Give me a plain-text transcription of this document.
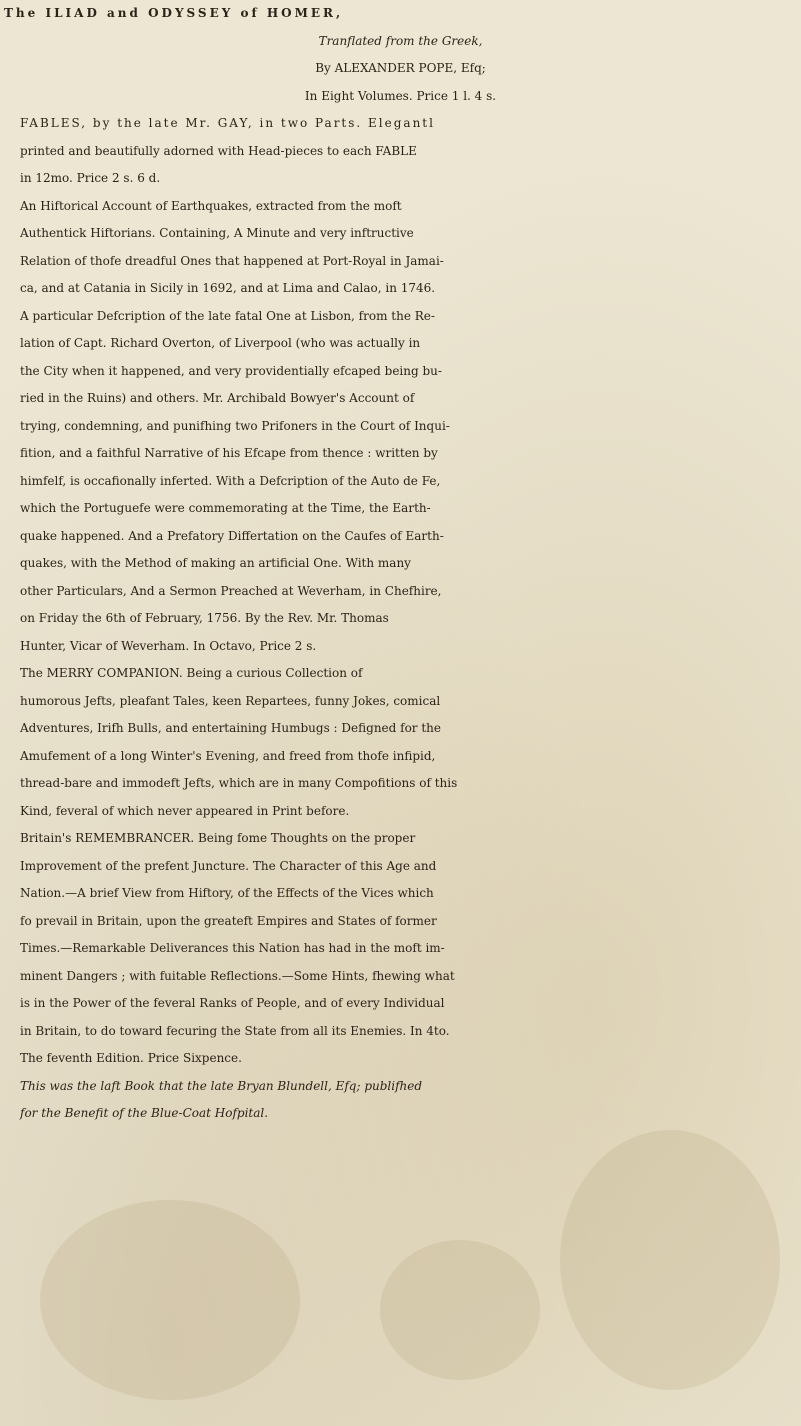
The ILIAD and ODYSSEY of HOMER,
Tranflated from the Greek,
By ALEXANDER POPE, Efq;
In Eight Volumes. Price 1 l. 4 s.
FABLES, by the late Mr. GAY, in two Parts. Elegantl
printed and beautifully adorned with Head-pieces to each FABLE
in 12mo. Price 2 s. 6 d.
An Hiftorical Account of Earthquakes, extracted from the moft
Authentick Hiftorians. Containing, A Minute and very inftructive
Relation of thofe dreadful Ones that happened at Port-Royal in Jamai-
ca, and at Catania in Sicily in 1692, and at Lima and Calao, in 1746.
A particular Defcription of the late fatal One at Lisbon, from the Re-
lation of Capt. Richard Overton, of Liverpool (who was actually in
the City when it happened, and very providentially efcaped being bu-
ried in the Ruins) and others. Mr. Archibald Bowyer's Account of
trying, condemning, and punifhing two Prifoners in the Court of Inqui-
fition, and a faithful Narrative of his Efcape from thence : written by
himfelf, is occafionally inferted. With a Defcription of the Auto de Fe,
which the Portuguefe were commemorating at the Time, the Earth-
quake happened. And a Prefatory Differtation on the Caufes of Earth-
quakes, with the Method of making an artificial One. With many
other Particulars, And a Sermon Preached at Weverham, in Chefhire,
on Friday the 6th of February, 1756. By the Rev. Mr. Thomas
Hunter, Vicar of Weverham. In Octavo, Price 2 s.
The MERRY COMPANION. Being a curious Collection of
humorous Jefts, pleafant Tales, keen Repartees, funny Jokes, comical
Adventures, Irifh Bulls, and entertaining Humbugs : Defigned for the
Amufement of a long Winter's Evening, and freed from thofe infipid,
thread-bare and immodeft Jefts, which are in many Compofitions of this
Kind, feveral of which never appeared in Print before.
Britain's REMEMBRANCER. Being fome Thoughts on the proper
Improvement of the prefent Juncture. The Character of this Age and
Nation.—A brief View from Hiftory, of the Effects of the Vices which
fo prevail in Britain, upon the greateft Empires and States of former
Times.—Remarkable Deliverances this Nation has had in the moft im-
minent Dangers ; with fuitable Reflections.—Some Hints, fhewing what
is in the Power of the feveral Ranks of People, and of every Individual
in Britain, to do toward fecuring the State from all its Enemies. In 4to.
The feventh Edition. Price Sixpence.
This was the laft Book that the late Bryan Blundell, Efq; publifhed
for the Benefit of the Blue-Coat Hofpital.
